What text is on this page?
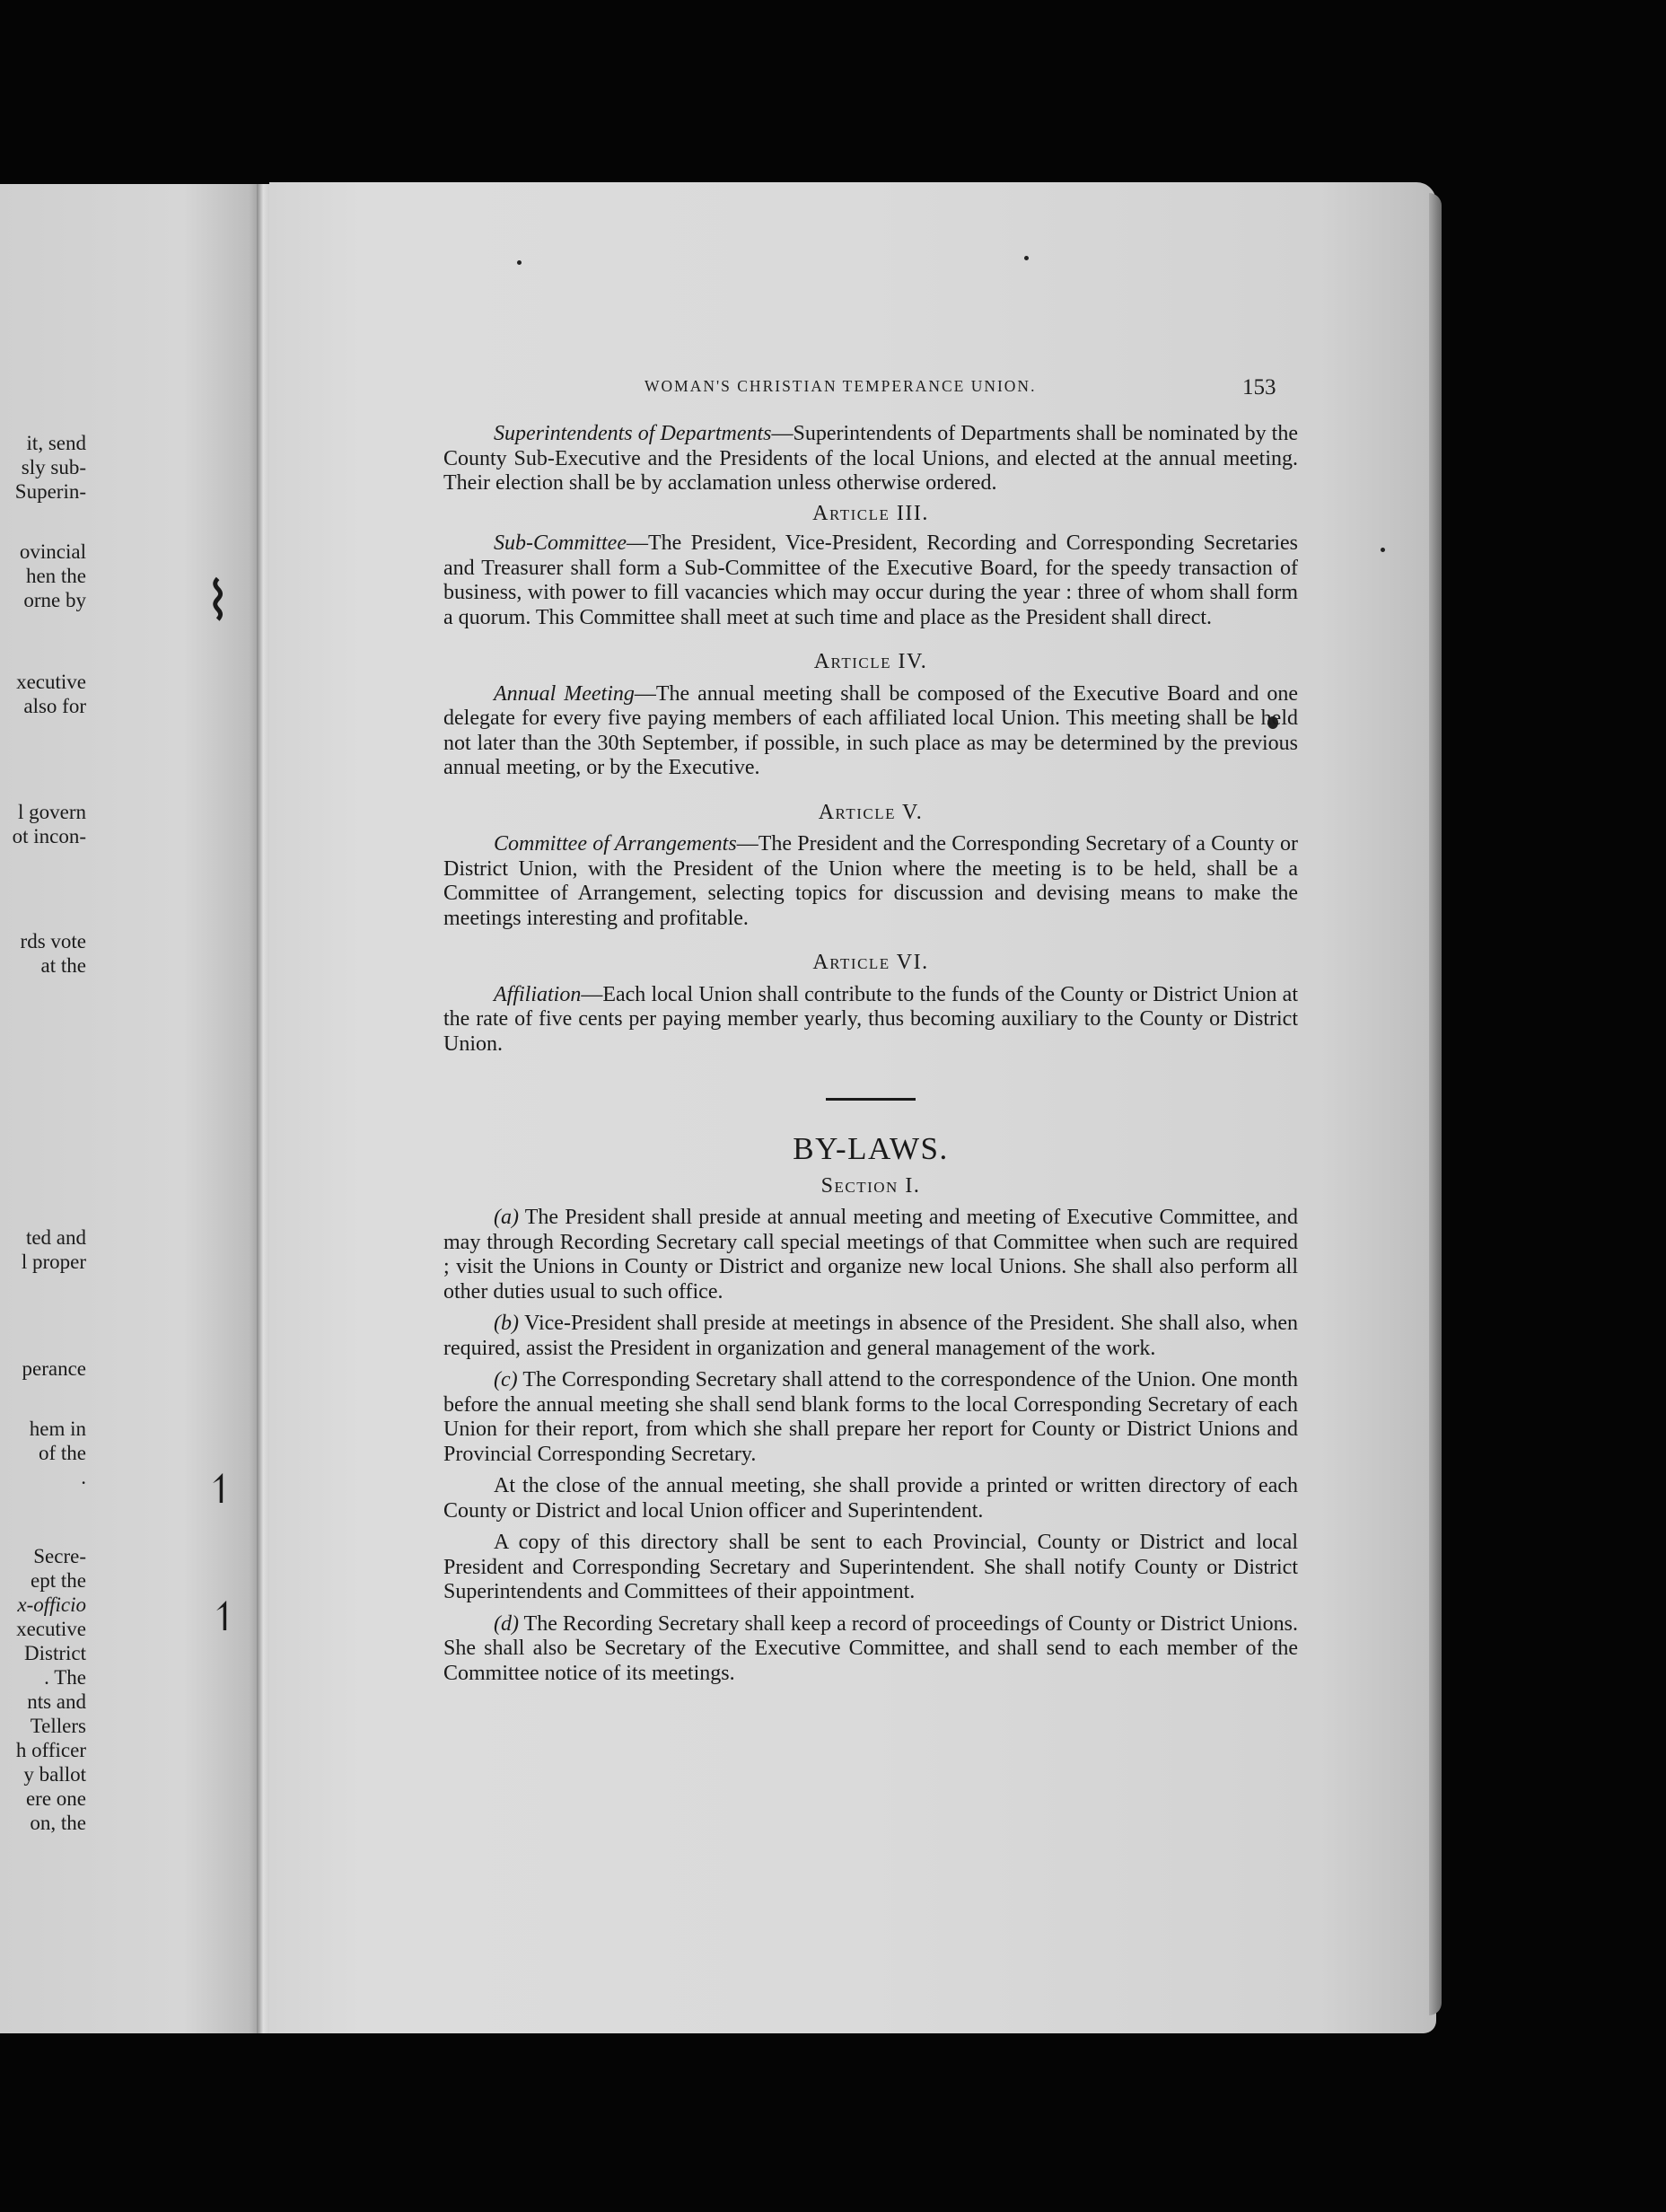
it, send
sly sub-
Superin-
ovincial
hen the
orne by
xecutive
also for
l govern
ot incon-
rds vote
at the
ted and
l proper
perance
hem in
of the
.
Secre-
ept the
x-officio
xecutive
District
. The
nts and
Tellers
h officer
y ballot
ere one
on, the
⌇
↿
↿
WOMAN'S CHRISTIAN TEMPERANCE UNION.	153

Superintendents of Departments—Superintendents of Departments shall be nominated by the County Sub-Executive and the Presidents of the local Unions, and elected at the annual meeting. Their election shall be by acclamation unless otherwise ordered.

Article III.

Sub-Committee—The President, Vice-President, Recording and Corresponding Secretaries and Treasurer shall form a Sub-Committee of the Executive Board, for the speedy transaction of business, with power to fill vacancies which may occur during the year : three of whom shall form a quorum. This Committee shall meet at such time and place as the President shall direct.

Article IV.

Annual Meeting—The annual meeting shall be composed of the Executive Board and one delegate for every five paying members of each affiliated local Union. This meeting shall be held not later than the 30th September, if possible, in such place as may be determined by the previous annual meeting, or by the Executive.

Article V.

Committee of Arrangements—The President and the Corresponding Secretary of a County or District Union, with the President of the Union where the meeting is to be held, shall be a Committee of Arrangement, selecting topics for discussion and devising means to make the meetings interesting and profitable.

Article VI.

Affiliation—Each local Union shall contribute to the funds of the County or District Union at the rate of five cents per paying member yearly, thus becoming auxiliary to the County or District Union.

BY-LAWS.

Section I.

(a) The President shall preside at annual meeting and meeting of Executive Committee, and may through Recording Secretary call special meetings of that Committee when such are required ; visit the Unions in County or District and organize new local Unions. She shall also perform all other duties usual to such office.

(b) Vice-President shall preside at meetings in absence of the President. She shall also, when required, assist the President in organization and general management of the work.

(c) The Corresponding Secretary shall attend to the correspondence of the Union. One month before the annual meeting she shall send blank forms to the local Corresponding Secretary of each Union for their report, from which she shall prepare her report for County or District Unions and Provincial Corresponding Secretary.

At the close of the annual meeting, she shall provide a printed or written directory of each County or District and local Union officer and Superintendent.

A copy of this directory shall be sent to each Provincial, County or District and local President and Corresponding Secretary and Superintendent. She shall notify County or District Superintendents and Committees of their appointment.

(d) The Recording Secretary shall keep a record of proceedings of County or District Unions. She shall also be Secretary of the Executive Committee, and shall send to each member of the Committee notice of its meetings.
